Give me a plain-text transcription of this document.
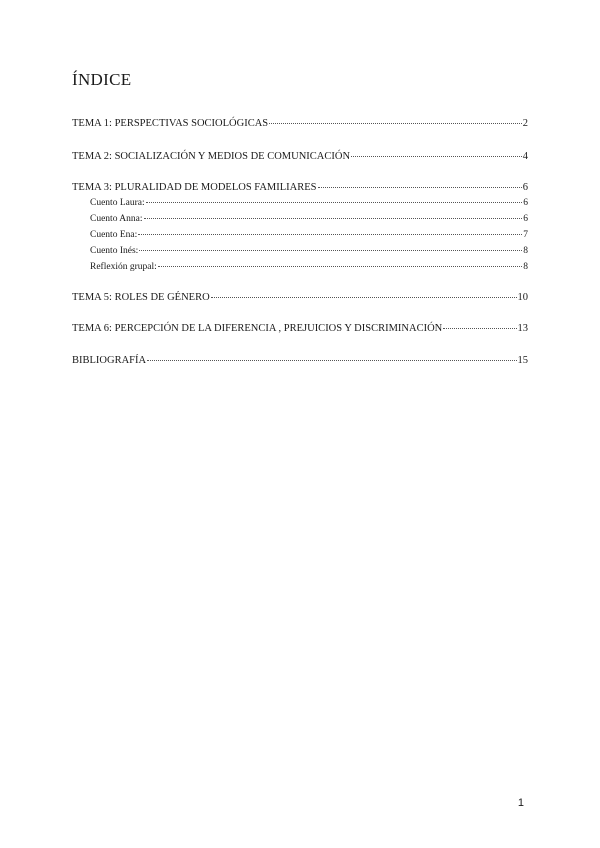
ÍNDICE
TEMA 1: PERSPECTIVAS SOCIOLÓGICAS	2
TEMA 2: SOCIALIZACIÓN Y MEDIOS DE COMUNICACIÓN	4
TEMA 3: PLURALIDAD DE MODELOS FAMILIARES	6
Cuento Laura:	6
Cuento Anna:	6
Cuento Ena:	7
Cuento Inés:	8
Reflexión grupal:	8
TEMA 5: ROLES DE GÉNERO	10
TEMA 6: PERCEPCIÓN DE LA DIFERENCIA , PREJUICIOS Y DISCRIMINACIÓN	13
BIBLIOGRAFÍA	15
1
